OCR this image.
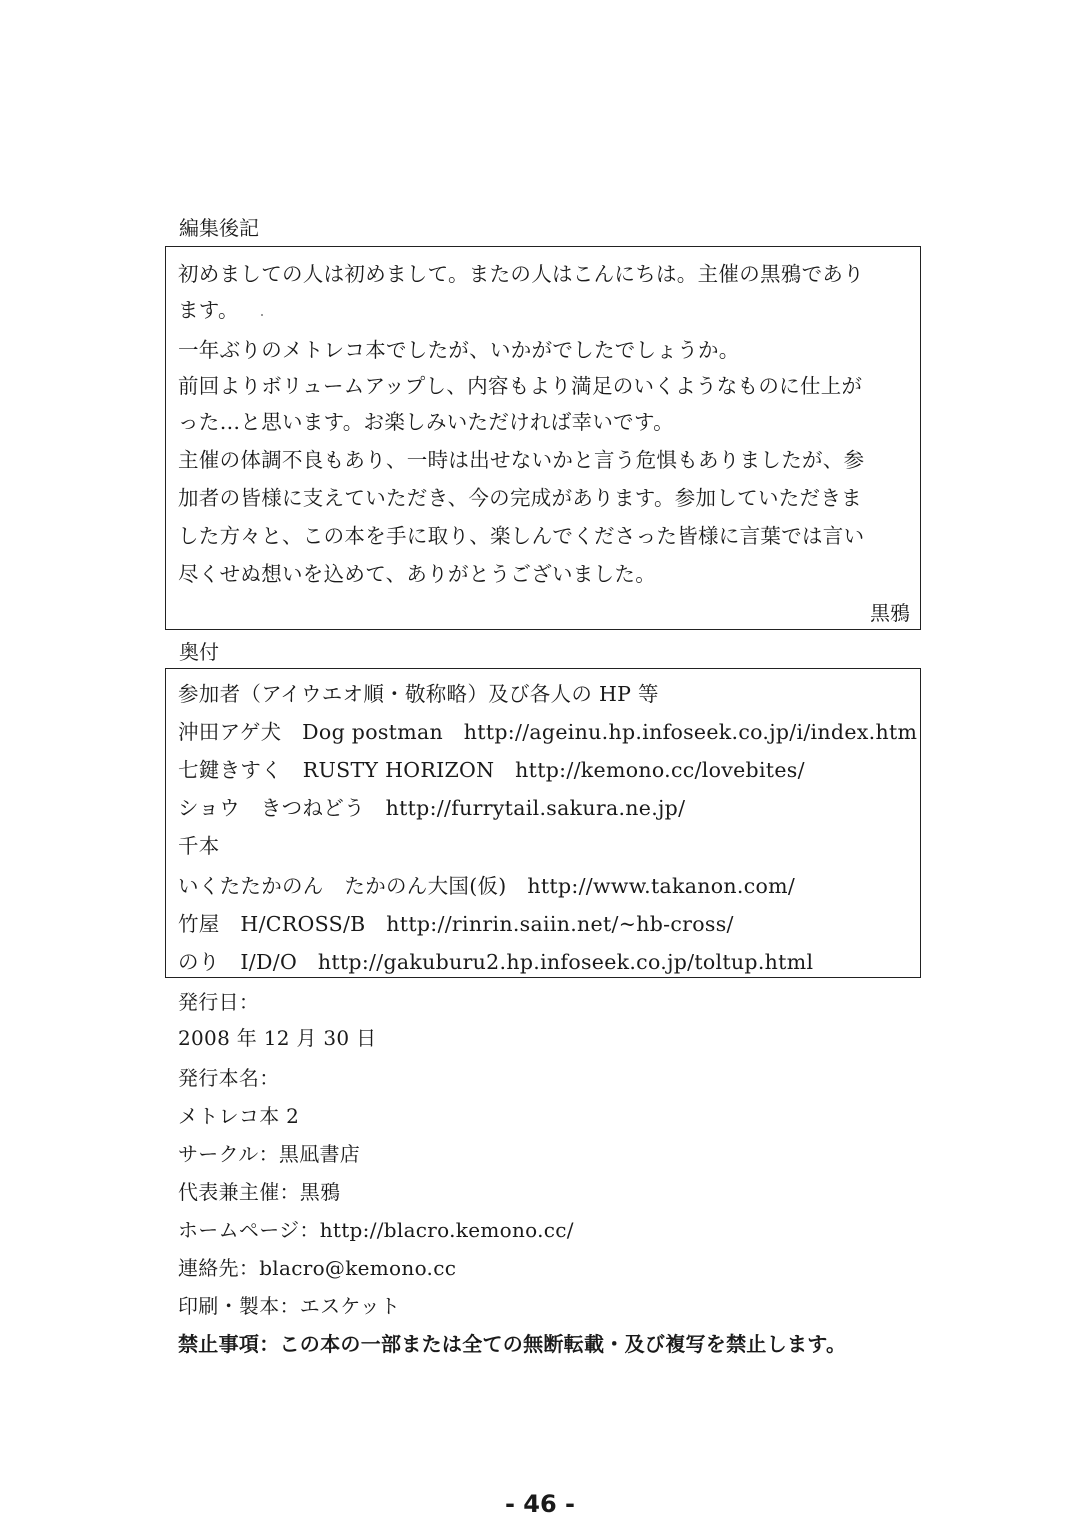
編集後記
初めましての人は初めまして。またの人はこんにちは。主催の黒鴉であり
ます。
一年ぶりのメトレコ本でしたが、いかがでしたでしょうか。
前回よりボリュームアップし、内容もより満足のいくようなものに仕上が
った…と思います。お楽しみいただければ幸いです。
主催の体調不良もあり、一時は出せないかと言う危惧もありましたが、参
加者の皆様に支えていただき、今の完成があります。参加していただきま
した方々と、この本を手に取り、楽しんでくださった皆様に言葉では言い
尽くせぬ想いを込めて、ありがとうございました。
黒鴉
奥付
参加者（アイウエオ順・敬称略）及び各人の HP 等
沖田アゲ犬　Dog postman　http://ageinu.hp.infoseek.co.jp/i/index.htm
七鍵きすく　RUSTY HORIZON　http://kemono.cc/lovebites/
ショウ　きつねどう　http://furrytail.sakura.ne.jp/
千本
いくたたかのん　たかのん大国(仮)　http://www.takanon.com/
竹屋　H/CROSS/B　http://rinrin.saiin.net/~hb-cross/
のり　I/D/O　http://gakuburu2.hp.infoseek.co.jp/toltup.html
発行日：
2008 年 12 月 30 日
発行本名：
メトレコ本 2
サークル：黒凪書店
代表兼主催：黒鴉
ホームページ：http://blacro.kemono.cc/
連絡先：blacro@kemono.cc
印刷・製本：エスケット
禁止事項：この本の一部または全ての無断転載・及び複写を禁止します。
- 46 -
